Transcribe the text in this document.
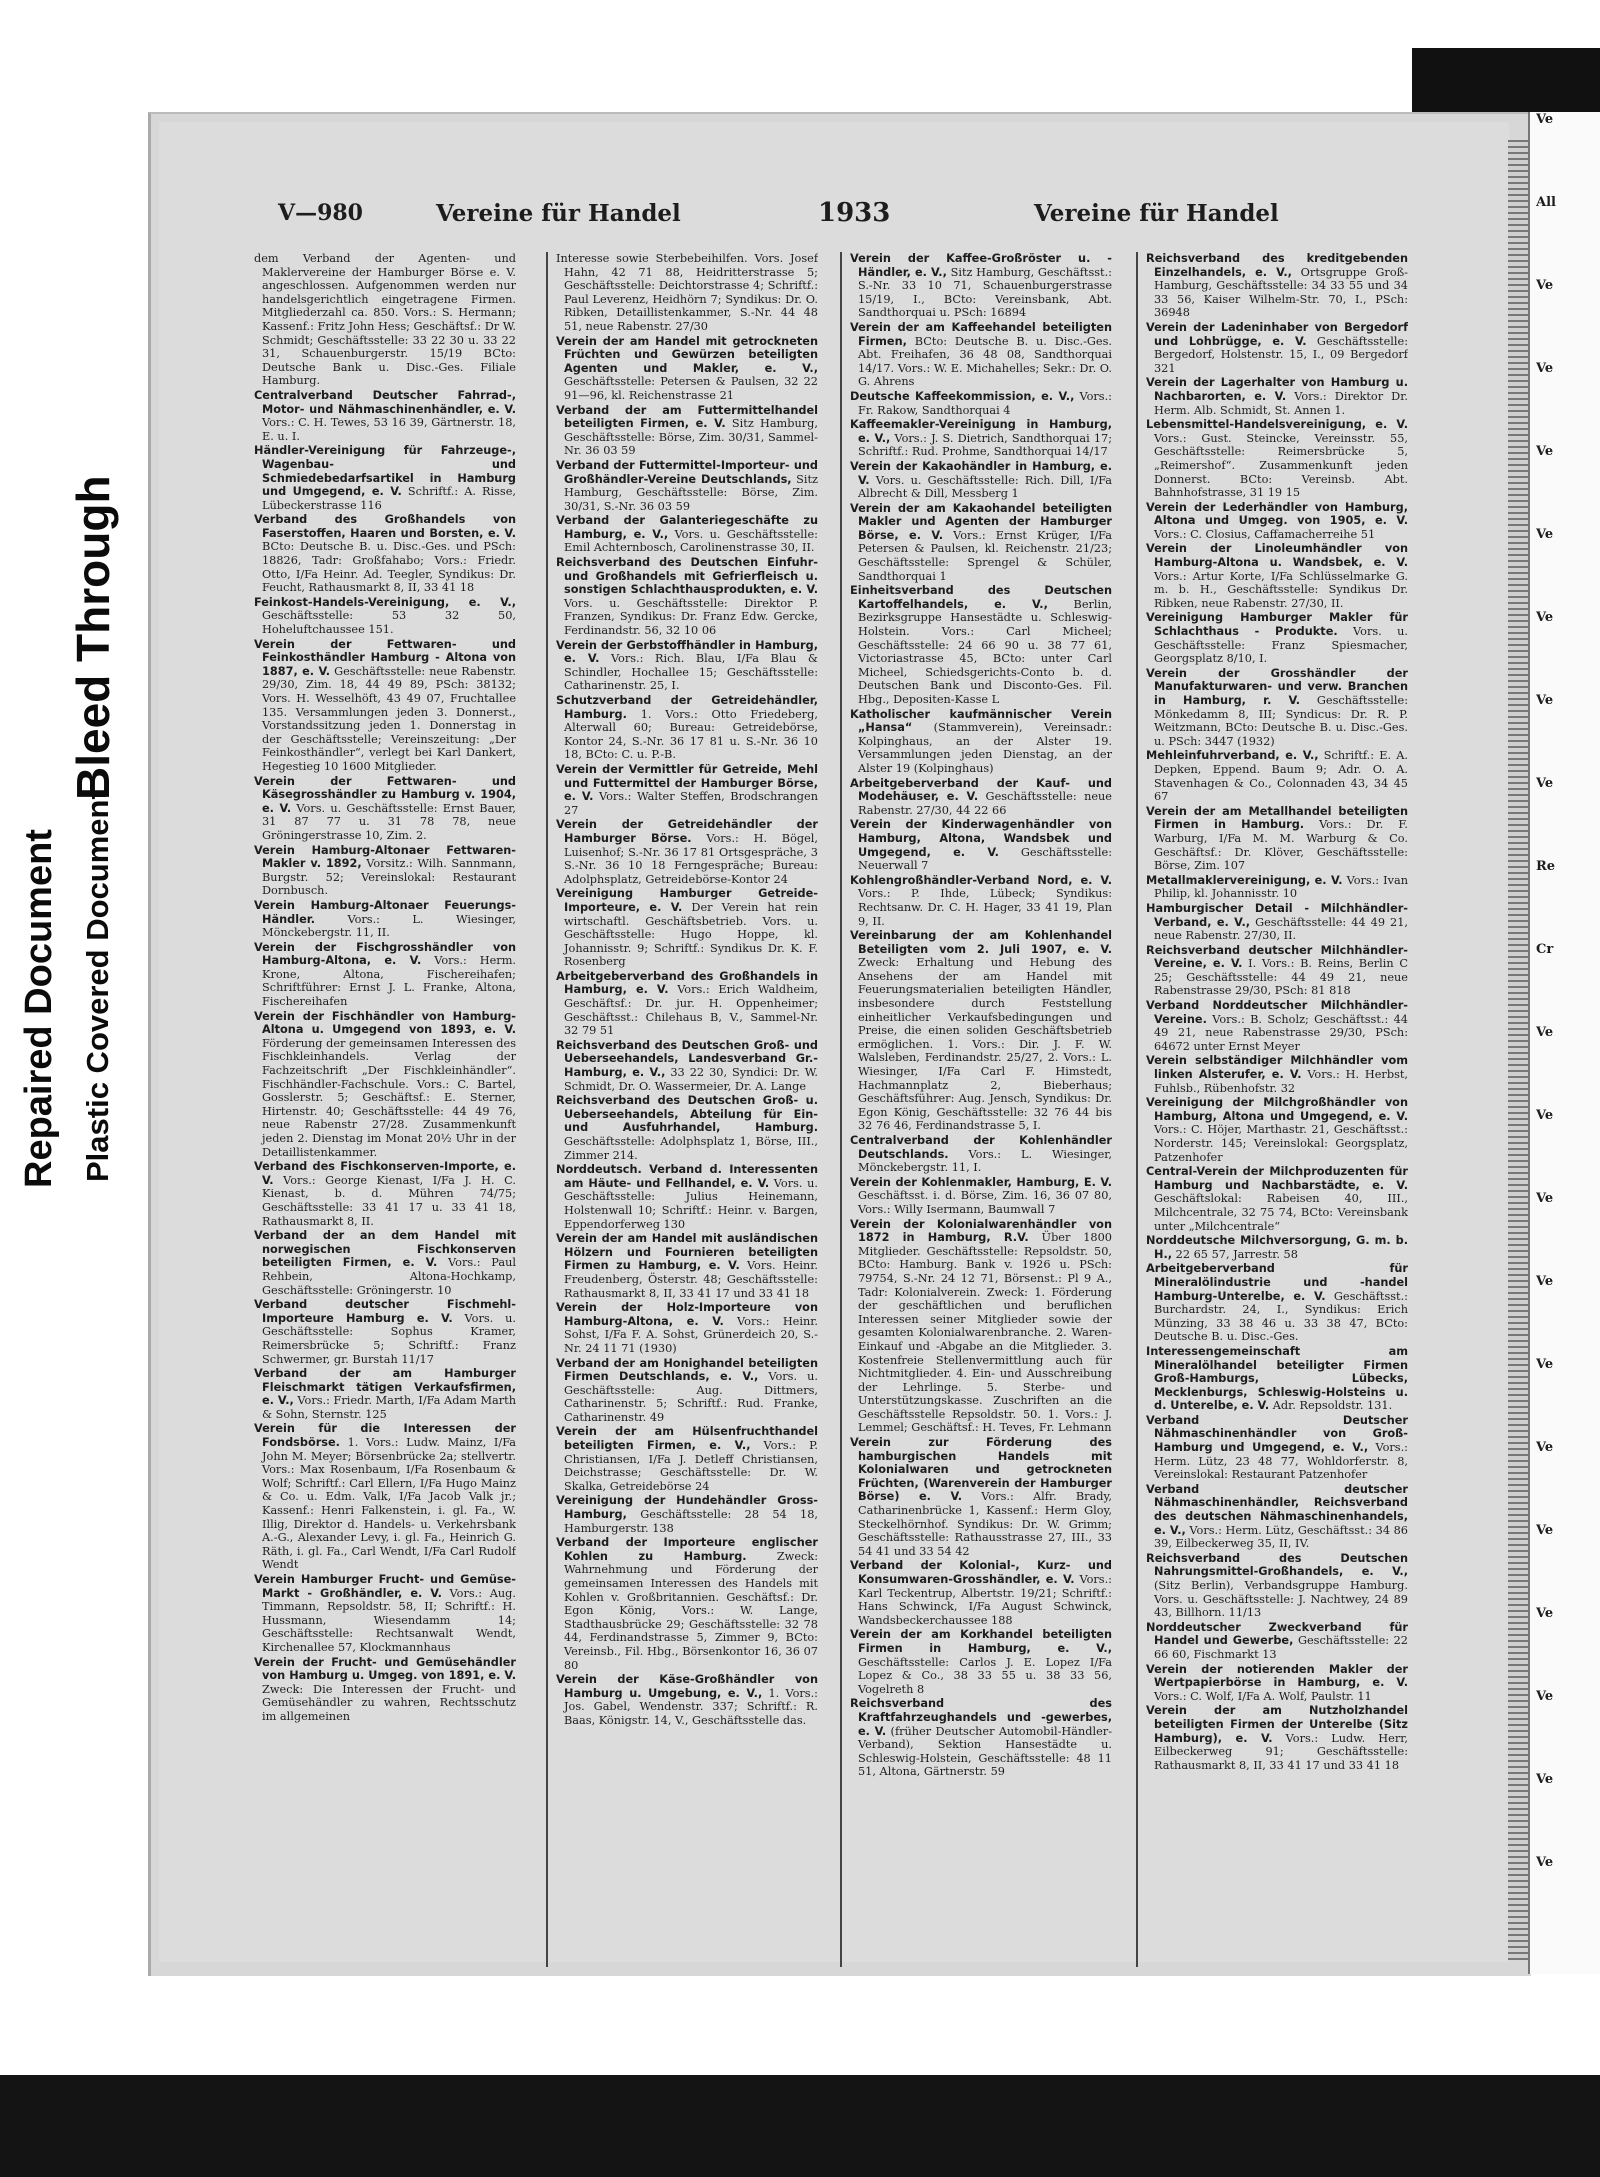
Repaired Document Plastic Covered Document
Bleed Through
V—980	Vereine für Handel	1933	Vereine für Handel

dem Verband der Agenten- und Maklervereine der Hamburger Börse e. V. angeschlossen. Aufgenommen werden nur handelsgerichtlich eingetragene Firmen. Mitgliederzahl ca. 850. Vors.: S. Hermann; Kassenf.: Fritz John Hess; Geschäftsf.: Dr W. Schmidt; Geschäftsstelle: 33 22 30 u. 33 22 31, Schauenburgerstr. 15/19 BCto: Deutsche Bank u. Disc.-Ges. Filiale Hamburg.

Centralverband Deutscher Fahrrad-, Motor- und Nähmaschinenhändler, e. V. Vors.: C. H. Tewes, 53 16 39, Gärtnerstr. 18, E. u. I.

Händler-Vereinigung für Fahrzeuge-, Wagenbau- und Schmiedebedarfsartikel in Hamburg und Umgegend, e. V. Schriftf.: A. Risse, Lübeckerstrasse 116

Verband des Großhandels von Faserstoffen, Haaren und Borsten, e. V. BCto: Deutsche B. u. Disc.-Ges. und PSch: 18826, Tadr: Großfahabo; Vors.: Friedr. Otto, I/Fa Heinr. Ad. Teegler, Syndikus: Dr. Feucht, Rathausmarkt 8, II, 33 41 18

Feinkost-Handels-Vereinigung, e. V., Geschäftsstelle: 53 32 50, Hoheluftchaussee 151.

Verein der Fettwaren- und Feinkosthändler Hamburg - Altona von 1887, e. V. Geschäftsstelle: neue Rabenstr. 29/30, Zim. 18, 44 49 89, PSch: 38132; Vors. H. Wesselhöft, 43 49 07, Fruchtallee 135. Versammlungen jeden 3. Donnerst., Vorstandssitzung jeden 1. Donnerstag in der Geschäftsstelle; Vereinszeitung: „Der Feinkosthändler“, verlegt bei Karl Dankert, Hegestieg 10 1600 Mitglieder.

Verein der Fettwaren- und Käsegrosshändler zu Hamburg v. 1904, e. V. Vors. u. Geschäftsstelle: Ernst Bauer, 31 87 77 u. 31 78 78, neue Gröningerstrasse 10, Zim. 2.

Verein Hamburg-Altonaer Fettwaren-Makler v. 1892, Vorsitz.: Wilh. Sannmann, Burgstr. 52; Vereinslokal: Restaurant Dornbusch.

Verein Hamburg-Altonaer Feuerungs-Händler.	Vors.: L. Wiesinger, Mönckebergstr. 11, II.

Verein der Fischgrosshändler von Hamburg-Altona, e. V. Vors.: Herm. Krone, Altona, Fischereihafen; Schriftführer: Ernst J. L. Franke, Altona, Fischereihafen

Verein der Fischhändler von Hamburg-Altona u. Umgegend von 1893, e. V. Förderung der gemeinsamen Interessen des Fischkleinhandels. Verlag der Fachzeitschrift „Der Fischkleinhändler“. Fischhändler-Fachschule. Vors.: C. Bartel, Gosslerstr. 5; Geschäftsf.: E. Sterner, Hirtenstr. 40; Geschäftsstelle: 44 49 76, neue Rabenstr 27/28. Zusammenkunft jeden 2. Dienstag im Monat 20½ Uhr in der Detaillistenkammer.

Verband des Fischkonserven-Importe, e. V. Vors.: George Kienast, I/Fa J. H. C. Kienast, b. d. Mühren 74/75; Geschäftsstelle: 33 41 17 u. 33 41 18, Rathausmarkt 8, II.

Verband der an dem Handel mit norwegischen Fischkonserven beteiligten Firmen, e. V. Vors.: Paul Rehbein, Altona-Hochkamp, Geschäftsstelle: Gröningerstr. 10

Verband deutscher Fischmehl-Importeure Hamburg e. V. Vors. u. Geschäftsstelle: Sophus Kramer, Reimersbrücke 5; Schriftf.: Franz Schwermer, gr. Burstah 11/17

Verband der am Hamburger Fleischmarkt tätigen Verkaufsfirmen, e. V., Vors.: Friedr. Marth, I/Fa Adam Marth & Sohn, Sternstr. 125

Verein für die Interessen der Fondsbörse. 1. Vors.: Ludw. Mainz, I/Fa John M. Meyer; Börsenbrücke 2a; stellvertr. Vors.: Max Rosenbaum, I/Fa Rosenbaum & Wolf; Schriftf.: Carl Ellern, I/Fa Hugo Mainz & Co. u. Edm. Valk, I/Fa Jacob Valk jr.; Kassenf.: Henri Falkenstein, i. gl. Fa., W. Illig, Direktor d. Handels- u. Verkehrsbank A.-G., Alexander Levy, i. gl. Fa., Heinrich G. Räth, i. gl. Fa., Carl Wendt, I/Fa Carl Rudolf Wendt

Verein Hamburger Frucht- und Gemüse-Markt - Großhändler, e. V. Vors.: Aug. Timmann, Repsoldstr. 58, II; Schriftf.: H. Hussmann, Wiesendamm 14; Geschäftsstelle: Rechtsanwalt Wendt, Kirchenallee 57, Klockmannhaus

Verein der Frucht- und Gemüsehändler von Hamburg u. Umgeg. von 1891, e. V. Zweck: Die Interessen der Frucht- und Gemüsehändler zu wahren, Rechtsschutz im allgemeinen

Interesse sowie Sterbebeihilfen. Vors. Josef Hahn, 42 71 88, Heidritterstrasse 5; Geschäftsstelle: Deichtorstrasse 4; Schriftf.: Paul Leverenz, Heidhörn 7; Syndikus: Dr. O. Ribken, Detaillistenkammer, S.-Nr. 44 48 51, neue Rabenstr. 27/30

Verein der am Handel mit getrockneten Früchten und Gewürzen beteiligten Agenten und Makler, e. V., Geschäftsstelle: Petersen & Paulsen, 32 22 91—96, kl. Reichenstrasse 21

Verband der am Futtermittelhandel beteiligten Firmen, e. V. Sitz Hamburg, Geschäftsstelle: Börse, Zim. 30/31, Sammel-Nr. 36 03 59

Verband der Futtermittel-Importeur- und Großhändler-Vereine Deutschlands, Sitz Hamburg, Geschäftsstelle: Börse, Zim. 30/31, S.-Nr. 36 03 59

Verband der Galanteriegeschäfte zu Hamburg, e. V., Vors. u. Geschäftsstelle: Emil Achternbosch, Carolinenstrasse 30, II.

Reichsverband des Deutschen Einfuhr- und Großhandels mit Gefrierfleisch u. sonstigen Schlachthausprodukten, e. V. Vors. u. Geschäftsstelle: Direktor P. Franzen, Syndikus: Dr. Franz Edw. Gercke, Ferdinandstr. 56, 32 10 06

Verein der Gerbstoffhändler in Hamburg, e. V. Vors.: Rich. Blau, I/Fa Blau & Schindler, Hochallee 15; Geschäftsstelle: Catharinenstr. 25, I.

Schutzverband der Getreidehändler, Hamburg. 1. Vors.: Otto Friedeberg, Alterwall 60; Bureau: Getreidebörse, Kontor 24, S.-Nr. 36 17 81 u. S.-Nr. 36 10 18, BCto: C. u. P.-B.

Verein der Vermittler für Getreide, Mehl und Futtermittel der Hamburger Börse, e. V. Vors.: Walter Steffen, Brodschrangen 27

Verein der Getreidehändler der Hamburger Börse. Vors.: H. Bögel, Luisenhof; S.-Nr. 36 17 81 Ortsgespräche, 3 S.-Nr. 36 10 18 Ferngespräche; Bureau: Adolphsplatz, Getreidebörse-Kontor 24

Vereinigung Hamburger Getreide-Importeure, e. V. Der Verein hat rein wirtschaftl. Geschäftsbetrieb. Vors. u. Geschäftsstelle: Hugo Hoppe, kl. Johannisstr. 9; Schriftf.: Syndikus Dr. K. F. Rosenberg

Arbeitgeberverband des Großhandels in Hamburg, e. V. Vors.: Erich Waldheim, Geschäftsf.: Dr. jur. H. Oppenheimer; Geschäftsst.: Chilehaus B, V., Sammel-Nr. 32 79 51

Reichsverband des Deutschen Groß- und Ueberseehandels, Landesverband Gr.-Hamburg, e. V., 33 22 30, Syndici: Dr. W. Schmidt, Dr. O. Wassermeier, Dr. A. Lange

Reichsverband des Deutschen Groß- u. Ueberseehandels, Abteilung für Ein- und Ausfuhrhandel, Hamburg. Geschäftsstelle: Adolphsplatz 1, Börse, III., Zimmer 214.

Norddeutsch. Verband d. Interessenten am Häute- und Fellhandel, e. V. Vors. u. Geschäftsstelle: Julius Heinemann, Holstenwall 10; Schriftf.: Heinr. v. Bargen, Eppendorferweg 130

Verein der am Handel mit ausländischen Hölzern und Fournieren beteiligten Firmen zu Hamburg, e. V. Vors. Heinr. Freudenberg, Österstr. 48; Geschäftsstelle: Rathausmarkt 8, II, 33 41 17 und 33 41 18

Verein der Holz-Importeure von Hamburg-Altona, e. V. Vors.: Heinr. Sohst, I/Fa F. A. Sohst, Grünerdeich 20, S.-Nr. 24 11 71 (1930)

Verband der am Honighandel beteiligten Firmen Deutschlands, e. V., Vors. u. Geschäftsstelle: Aug. Dittmers, Catharinenstr. 5; Schriftf.: Rud. Franke, Catharinenstr. 49

Verein der am Hülsenfruchthandel beteiligten Firmen, e. V., Vors.: P. Christiansen, I/Fa J. Detleff Christiansen, Deichstrasse; Geschäftsstelle: Dr. W. Skalka, Getreidebörse 24

Vereinigung der Hundehändler Gross-Hamburg, Geschäftsstelle: 28 54 18, Hamburgerstr. 138

Verband der Importeure englischer Kohlen zu Hamburg.	Zweck: Wahrnehmung und Förderung der gemeinsamen Interessen des Handels mit Kohlen v. Großbritannien. Geschäftsf.: Dr. Egon König, Vors.: W. Lange, Stadthausbrücke 29; Geschäftsstelle: 32 78 44, Ferdinandstrasse 5, Zimmer 9, BCto: Vereinsb., Fil. Hbg., Börsenkontor 16, 36 07 80

Verein der Käse-Großhändler von Hamburg u. Umgebung, e. V., 1. Vors.: Jos. Gabel, Wendenstr. 337; Schriftf.: R. Baas, Königstr. 14, V., Geschäftsstelle das.

Verein der Kaffee-Großröster u. -Händler, e. V., Sitz Hamburg, Geschäftsst.: S.-Nr. 33 10 71, Schauenburgerstrasse 15/19, I., BCto: Vereinsbank, Abt. Sandthorquai u. PSch: 16894

Verein der am Kaffeehandel beteiligten Firmen, BCto: Deutsche B. u. Disc.-Ges. Abt. Freihafen, 36 48 08, Sandthorquai 14/17. Vors.: W. E. Michahelles; Sekr.: Dr. O. G. Ahrens

Deutsche Kaffeekommission, e. V., Vors.: Fr. Rakow, Sandthorquai 4

Kaffeemakler-Vereinigung in Hamburg, e. V., Vors.: J. S. Dietrich, Sandthorquai 17; Schriftf.: Rud. Prohme, Sandthorquai 14/17

Verein der Kakaohändler in Hamburg, e. V. Vors. u. Geschäftsstelle: Rich. Dill, I/Fa Albrecht & Dill, Messberg 1

Verein der am Kakaohandel beteiligten Makler und Agenten der Hamburger Börse, e. V. Vors.: Ernst Krüger, I/Fa Petersen & Paulsen, kl. Reichenstr. 21/23; Geschäftsstelle: Sprengel & Schüler, Sandthorquai 1

Einheitsverband des Deutschen Kartoffelhandels, e. V., Berlin, Bezirksgruppe Hansestädte u. Schleswig-Holstein. Vors.: Carl Micheel; Geschäftsstelle: 24 66 90 u. 38 77 61, Victoriastrasse 45, BCto: unter Carl Micheel, Schiedsgerichts-Conto b. d. Deutschen Bank und Disconto-Ges. Fil. Hbg., Depositen-Kasse L

Katholischer kaufmännischer Verein „Hansa“ (Stammverein), Vereinsadr.: Kolpinghaus, an der Alster 19. Versammlungen jeden Dienstag, an der Alster 19 (Kolpinghaus)

Arbeitgeberverband der Kauf- und Modehäuser, e. V. Geschäftsstelle: neue Rabenstr. 27/30, 44 22 66

Verein der Kinderwagenhändler von Hamburg, Altona, Wandsbek und Umgegend, e. V. Geschäftsstelle: Neuerwall 7

Kohlengroßhändler-Verband Nord, e. V. Vors.: P. Ihde, Lübeck; Syndikus: Rechtsanw. Dr. C. H. Hager, 33 41 19, Plan 9, II.

Vereinbarung der am Kohlenhandel Beteiligten vom 2. Juli 1907, e. V. Zweck: Erhaltung und Hebung des Ansehens der am Handel mit Feuerungsmaterialien beteiligten Händler, insbesondere durch Feststellung einheitlicher Verkaufsbedingungen und Preise, die einen soliden Geschäftsbetrieb ermöglichen. 1. Vors.: Dir. J. F. W. Walsleben, Ferdinandstr. 25/27, 2. Vors.: L. Wiesinger, I/Fa Carl F. Himstedt, Hachmannplatz 2, Bieberhaus; Geschäftsführer: Aug. Jensch, Syndikus: Dr. Egon König, Geschäftsstelle: 32 76 44 bis 32 76 46, Ferdinandstrasse 5, I.

Centralverband der Kohlenhändler Deutschlands. Vors.: L. Wiesinger, Mönckebergstr. 11, I.

Verein der Kohlenmakler, Hamburg, E. V. Geschäftsst. i. d. Börse, Zim. 16, 36 07 80, Vors.: Willy Isermann, Baumwall 7

Verein der Kolonialwarenhändler von 1872 in Hamburg, R.V. Über 1800 Mitglieder. Geschäftsstelle: Repsoldstr. 50, BCto: Hamburg. Bank v. 1926 u. PSch: 79754, S.-Nr. 24 12 71, Börsenst.: Pl 9 A., Tadr: Kolonialverein. Zweck: 1. Förderung der geschäftlichen und beruflichen Interessen seiner Mitglieder sowie der gesamten Kolonialwarenbranche. 2. Waren-Einkauf und -Abgabe an die Mitglieder. 3. Kostenfreie Stellenvermittlung auch für Nichtmitglieder. 4. Ein- und Ausschreibung der Lehrlinge. 5. Sterbe- und Unterstützungskasse. Zuschriften an die Geschäftsstelle Repsoldstr. 50. 1. Vors.: J. Lemmel; Geschäftsf.: H. Teves, Fr. Lehmann

Verein zur Förderung des hamburgischen Handels mit Kolonialwaren und getrockneten Früchten, (Warenverein der Hamburger Börse) e. V. Vors.: Alfr. Brady, Catharinenbrücke 1, Kassenf.: Herm Gloy, Steckelhörnhof. Syndikus: Dr. W. Grimm; Geschäftsstelle: Rathausstrasse 27, III., 33 54 41 und 33 54 42

Verband der Kolonial-, Kurz- und Konsumwaren-Grosshändler, e. V. Vors.: Karl Teckentrup, Albertstr. 19/21; Schriftf.: Hans Schwinck, I/Fa August Schwinck, Wandsbeckerchaussee 188

Verein der am Korkhandel beteiligten Firmen in Hamburg, e. V., Geschäftsstelle: Carlos J. E. Lopez I/Fa Lopez & Co., 38 33 55 u. 38 33 56, Vogelreth 8

Reichsverband des Kraftfahrzeughandels und -gewerbes, e. V. (früher Deutscher Automobil-Händler-Verband), Sektion Hansestädte u. Schleswig-Holstein, Geschäftsstelle: 48 11 51, Altona, Gärtnerstr. 59

Reichsverband des kreditgebenden Einzelhandels, e. V., Ortsgruppe Groß-Hamburg, Geschäftsstelle: 34 33 55 und 34 33 56, Kaiser Wilhelm-Str. 70, I., PSch: 36948

Verein der Ladeninhaber von Bergedorf und Lohbrügge, e. V. Geschäftsstelle: Bergedorf, Holstenstr. 15, I., 09 Bergedorf 321

Verein der Lagerhalter von Hamburg u. Nachbarorten, e. V. Vors.: Direktor Dr. Herm. Alb. Schmidt, St. Annen 1.

Lebensmittel-Handelsvereinigung, e. V. Vors.: Gust. Steincke, Vereinsstr. 55, Geschäftsstelle: Reimersbrücke 5, „Reimershof“. Zusammenkunft jeden Donnerst. BCto: Vereinsb. Abt. Bahnhofstrasse, 31 19 15

Verein der Lederhändler von Hamburg, Altona und Umgeg. von 1905, e. V. Vors.: C. Closius, Caffamacherreihe 51

Verein der Linoleumhändler von Hamburg-Altona u. Wandsbek, e. V. Vors.: Artur Korte, I/Fa Schlüsselmarke G. m. b. H., Geschäftsstelle: Syndikus Dr. Ribken, neue Rabenstr. 27/30, II.

Vereinigung Hamburger Makler für Schlachthaus - Produkte. Vors. u. Geschäftsstelle: Franz Spiesmacher, Georgsplatz 8/10, I.

Verein der Grosshändler der Manufakturwaren- und verw. Branchen in Hamburg, r. V. Geschäftsstelle: Mönkedamm 8, III; Syndicus: Dr. R. P. Weitzmann, BCto: Deutsche B. u. Disc.-Ges. u. PSch: 3447 (1932)

Mehleinfuhrverband, e. V., Schriftf.: E. A. Depken, Eppend. Baum 9; Adr. O. A. Stavenhagen & Co., Colonnaden 43, 34 45 67

Verein der am Metallhandel beteiligten Firmen in Hamburg. Vors.: Dr. F. Warburg, I/Fa M. M. Warburg & Co. Geschäftsf.: Dr. Klöver, Geschäftsstelle: Börse, Zim. 107

Metallmaklervereinigung, e. V. Vors.: Ivan Philip, kl. Johannisstr. 10

Hamburgischer Detail - Milchhändler-Verband, e. V., Geschäftsstelle: 44 49 21, neue Rabenstr. 27/30, II.

Reichsverband deutscher Milchhändler-Vereine, e. V. I. Vors.: B. Reins, Berlin C 25; Geschäftsstelle: 44 49 21, neue Rabenstrasse 29/30, PSch: 81 818

Verband Norddeutscher Milchhändler-Vereine. Vors.: B. Scholz; Geschäftsst.: 44 49 21, neue Rabenstrasse 29/30, PSch: 64672 unter Ernst Meyer

Verein selbständiger Milchhändler vom linken Alsterufer, e. V. Vors.: H. Herbst, Fuhlsb., Rübenhofstr. 32

Vereinigung der Milchgroßhändler von Hamburg, Altona und Umgegend, e. V. Vors.: C. Höjer, Marthastr. 21, Geschäftsst.: Norderstr. 145; Vereinslokal: Georgsplatz, Patzenhofer

Central-Verein der Milchproduzenten für Hamburg und Nachbarstädte, e. V. Geschäftslokal: Rabeisen 40, III., Milchcentrale, 32 75 74, BCto: Vereinsbank unter „Milchcentrale“

Norddeutsche Milchversorgung, G. m. b. H., 22 65 57, Jarrestr. 58

Arbeitgeberverband für Mineralölindustrie und -handel Hamburg-Unterelbe, e. V. Geschäftsst.: Burchardstr. 24, I., Syndikus: Erich Münzing, 33 38 46 u. 33 38 47, BCto: Deutsche B. u. Disc.-Ges.

Interessengemeinschaft am Mineralölhandel beteiligter Firmen Groß-Hamburgs, Lübecks, Mecklenburgs, Schleswig-Holsteins u. d. Unterelbe, e. V. Adr. Repsoldstr. 131.

Verband Deutscher Nähmaschinenhändler von Groß-Hamburg und Umgegend, e. V., Vors.: Herm. Lütz, 23 48 77, Wohldorferstr. 8, Vereinslokal: Restaurant Patzenhofer

Verband deutscher Nähmaschinenhändler, Reichsverband des deutschen Nähmaschinenhandels, e. V., Vors.: Herm. Lütz, Geschäftsst.: 34 86 39, Eilbeckerweg 35, II, IV.

Reichsverband des Deutschen Nahrungsmittel-Großhandels, e. V., (Sitz Berlin), Verbandsgruppe Hamburg. Vors. u. Geschäftsstelle: J. Nachtwey, 24 89 43, Billhorn. 11/13

Norddeutscher Zweckverband für Handel und Gewerbe, Geschäftsstelle: 22 66 60, Fischmarkt 13

Verein der notierenden Makler der Wertpapierbörse in Hamburg, e. V. Vors.: C. Wolf, I/Fa A. Wolf, Paulstr. 11

Verein der am Nutzholzhandel beteiligten Firmen der Unterelbe (Sitz Hamburg), e. V. Vors.: Ludw. Herr, Eilbeckerweg 91; Geschäftsstelle: Rathausmarkt 8, II, 33 41 17 und 33 41 18

Ve
All
Ve
Ve
Ve
Ve
Ve
Ve
Ve
Re
Cr
Ve
Ve
Ve
Ve
Ve
Ve
Ve
Ve
Ve
Ve
Ve
